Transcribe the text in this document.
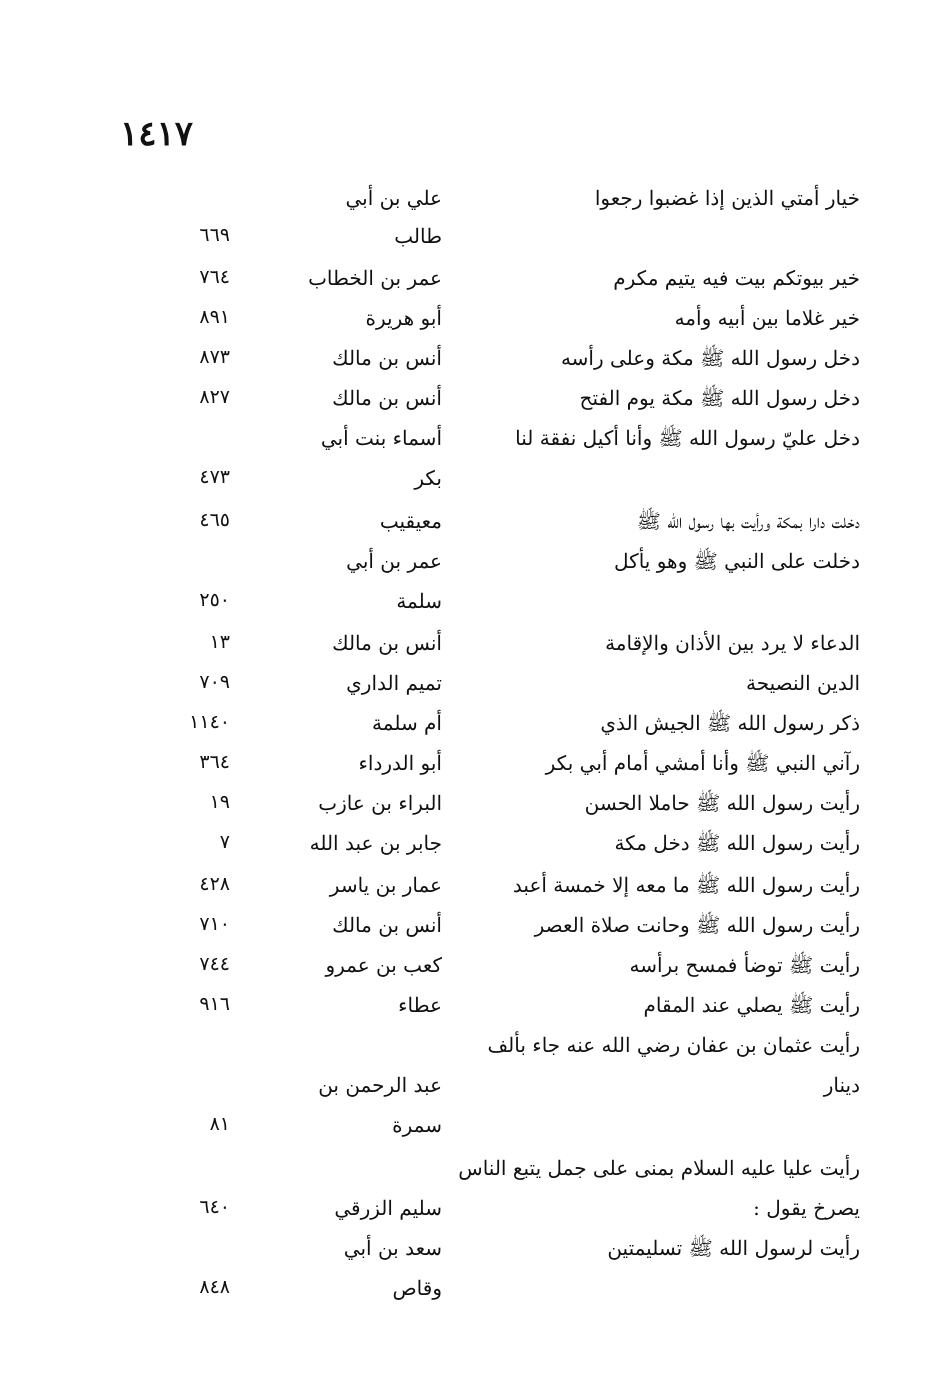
١٤١٧
خيار أمتي الذين إذا غضبوا رجعوا
علي بن أبي
طالب
٦٦٩
خير بيوتكم بيت فيه يتيم مكرم
عمر بن الخطاب
٧٦٤
خير غلاما بين أبيه وأمه
أبو هريرة
٨٩١
دخل رسول الله ﷺ مكة وعلى رأسه
أنس بن مالك
٨٧٣
دخل رسول الله ﷺ مكة يوم الفتح
أنس بن مالك
٨٢٧
دخل عليّ رسول الله ﷺ وأنا أكيل نفقة لنا
أسماء بنت أبي
بكر
٤٧٣
دخلت دارا بمكة ورأيت بها رسول الله ﷺ
معيقيب
٤٦٥
دخلت على النبي ﷺ وهو يأكل
عمر بن أبي
سلمة
٢٥٠
الدعاء لا يرد بين الأذان والإقامة
أنس بن مالك
١٣
الدين النصيحة
تميم الداري
٧٠٩
ذكر رسول الله ﷺ الجيش الذي
أم سلمة
١١٤٠
رآني النبي ﷺ وأنا أمشي أمام أبي بكر
أبو الدرداء
٣٦٤
رأيت رسول الله ﷺ حاملا الحسن
البراء بن عازب
١٩
رأيت رسول الله ﷺ دخل مكة
جابر بن عبد الله
٧
رأيت رسول الله ﷺ ما معه إلا خمسة أعبد
عمار بن ياسر
٤٢٨
رأيت رسول الله ﷺ وحانت صلاة العصر
أنس بن مالك
٧١٠
رأيت ﷺ توضأ فمسح برأسه
كعب بن عمرو
٧٤٤
رأيت ﷺ يصلي عند المقام
عطاء
٩١٦
رأيت عثمان بن عفان رضي الله عنه جاء بألف
دينار
عبد الرحمن بن
سمرة
٨١
رأيت عليا عليه السلام بمنى على جمل يتبع الناس
يصرخ يقول :
سليم الزرقي
٦٤٠
رأيت لرسول الله ﷺ تسليمتين
سعد بن أبي
وقاص
٨٤٨
